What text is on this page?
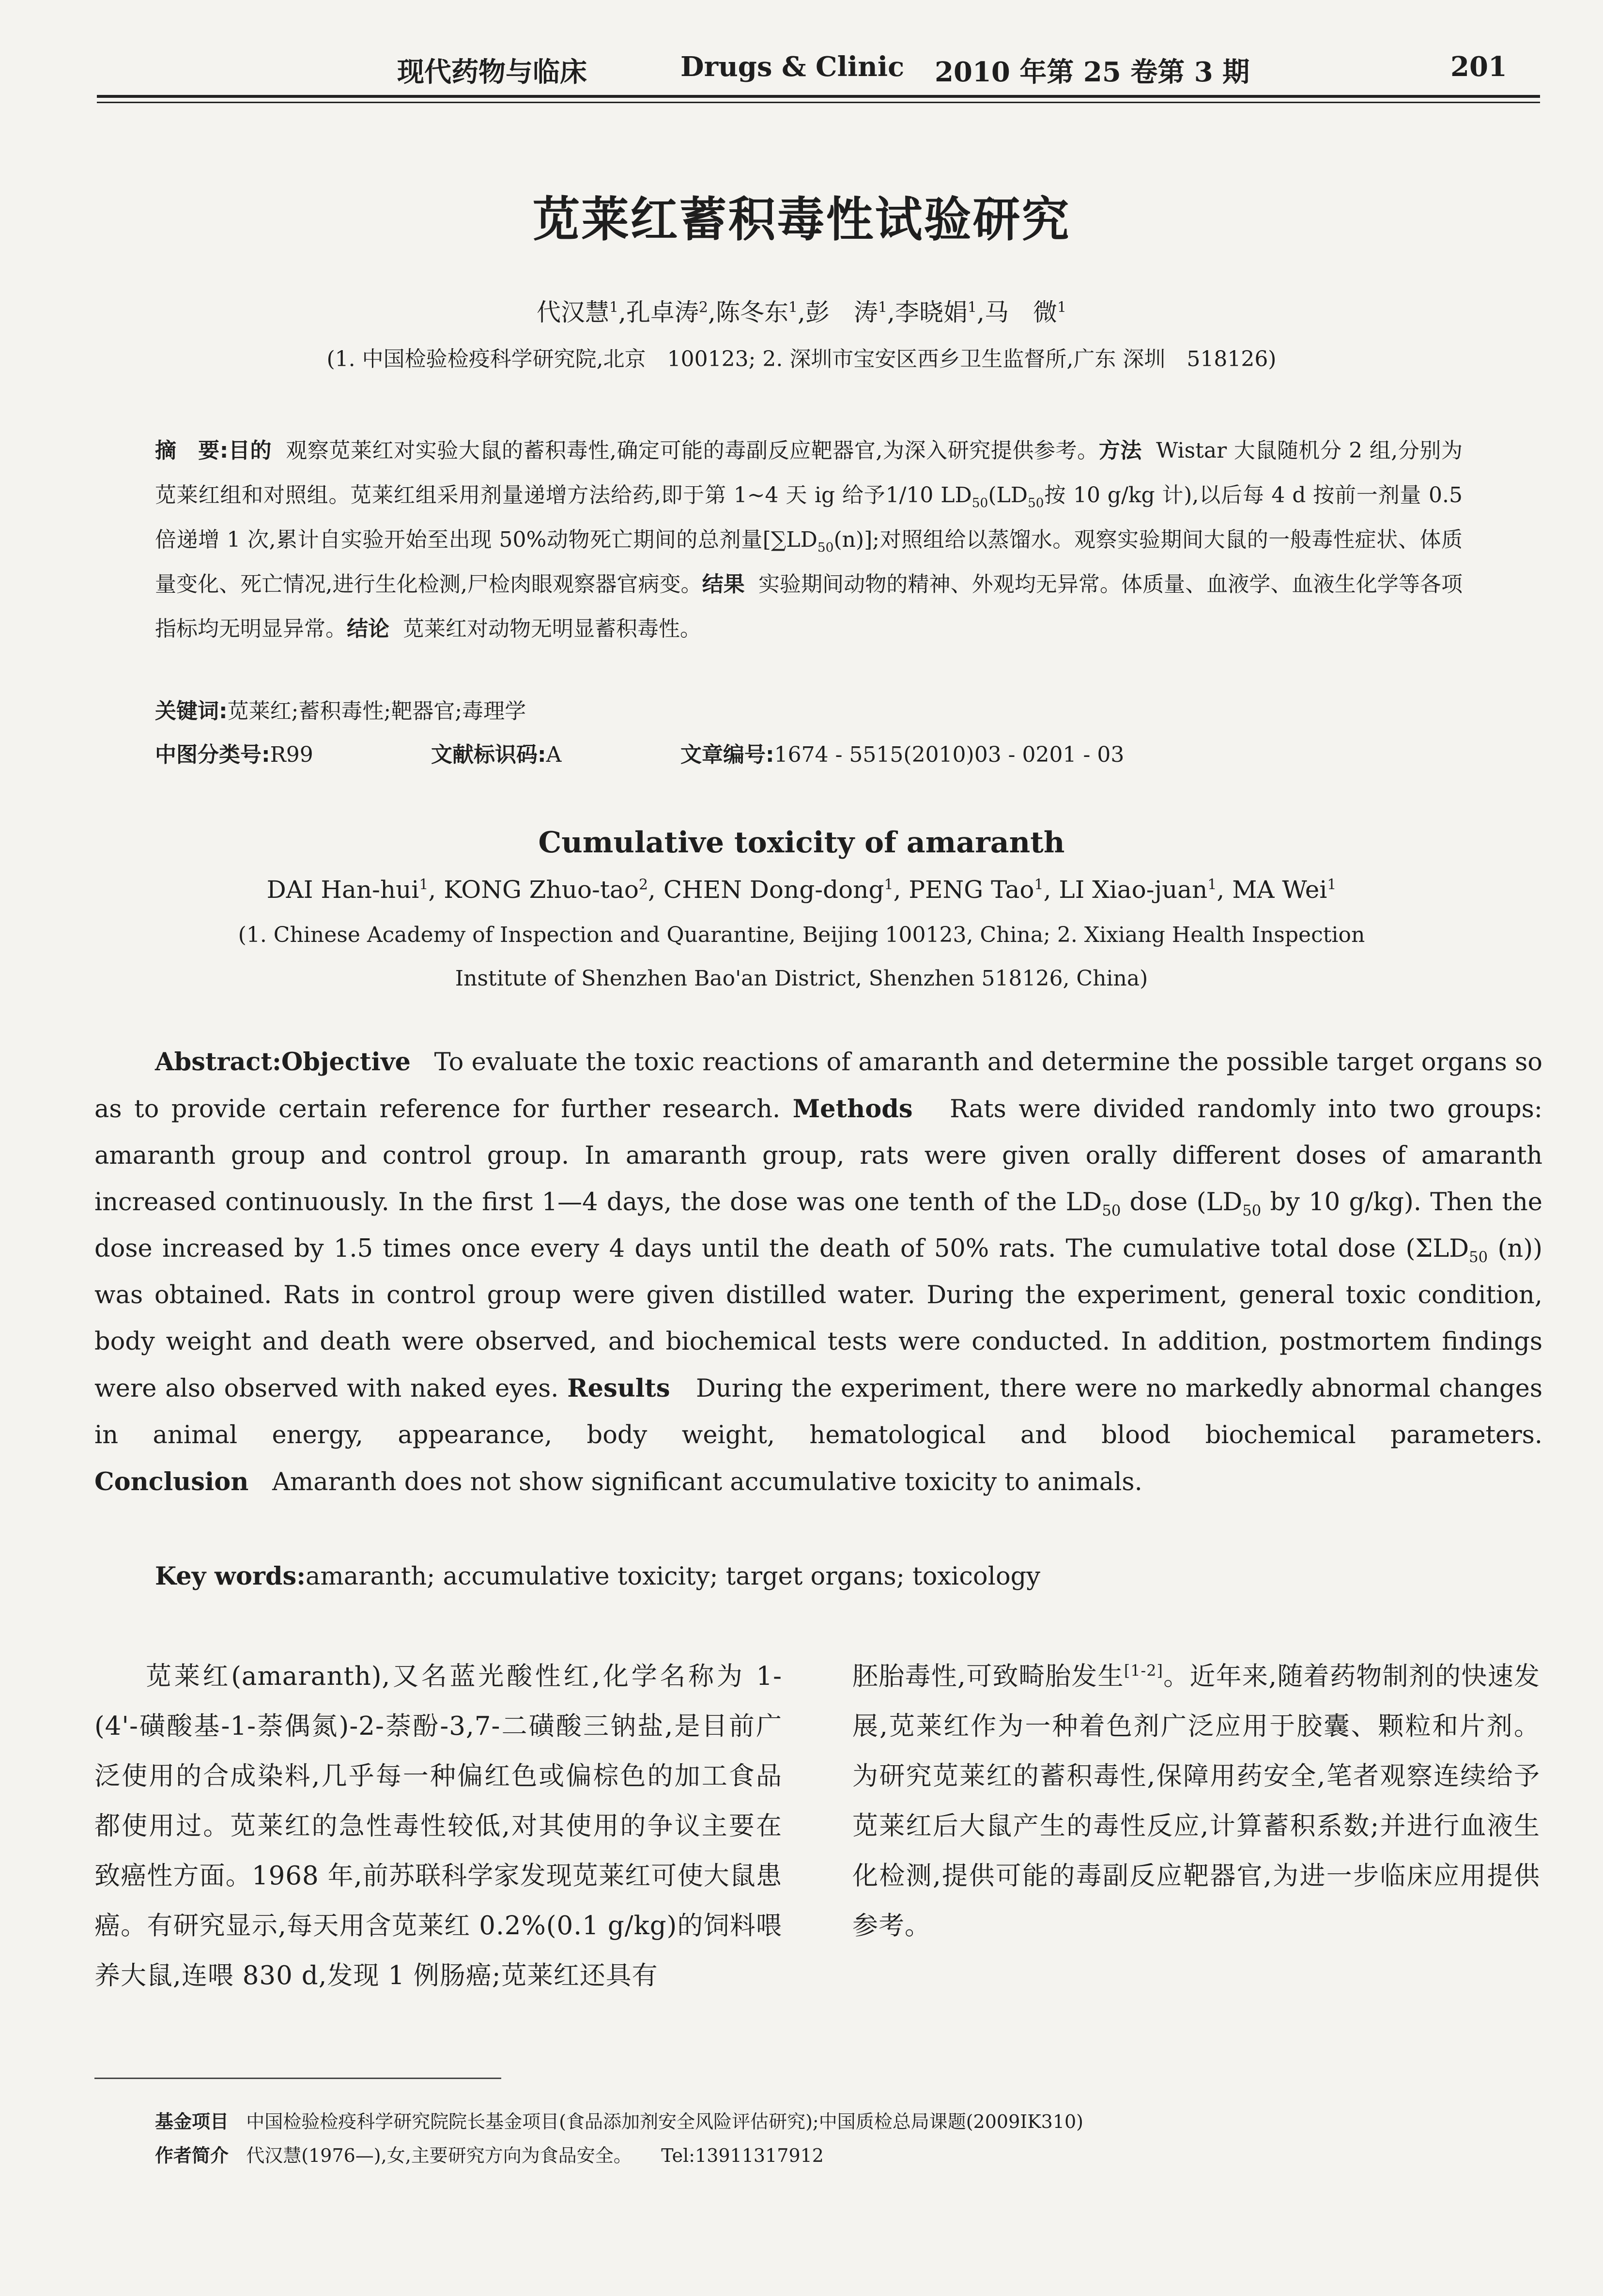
现代药物与临床	Drugs & Clinic 2010 年第 25 卷第 3 期	201
苋莱红蓄积毒性试验研究
代汉慧$^1$,孔卓涛$^2$,陈冬东$^1$,彭　涛$^1$,李晓娟$^1$,马　微$^1$
(1. 中国检验检疫科学研究院,北京　100123; 2. 深圳市宝安区西乡卫生监督所,广东 深圳　518126)
摘　要:目的 观察苋莱红对实验大鼠的蓄积毒性,确定可能的毒副反应靶器官,为深入研究提供参考。方法 Wistar 大鼠随机分 2 组,分别为苋莱红组和对照组。苋莱红组采用剂量递增方法给药,即于第 1~4 天 ig 给予1/10 $LD_{50}(LD_{50}$按 10 g/kg 计),以后每 4 d 按前一剂量 0.5 倍递增 1 次,累计自实验开始至出现 50%动物死亡期间的总剂量$[\sum LD_{50}(n)]$;对照组给以蒸馏水。观察实验期间大鼠的一般毒性症状、体质量变化、死亡情况,进行生化检测,尸检肉眼观察器官病变。结果 实验期间动物的精神、外观均无异常。体质量、血液学、血液生化学等各项指标均无明显异常。结论 苋莱红对动物无明显蓄积毒性。
关键词:苋莱红;蓄积毒性;靶器官;毒理学
中图分类号:R99	文献标识码:A	文章编号:1674 - 5515(2010)03 - 0201 - 03
Cumulative toxicity of amaranth
DAI Han-hui$^1$, KONG Zhuo-tao$^2$, CHEN Dong-dong$^1$, PENG Tao$^1$, LI Xiao-juan$^1$, MA Wei$^1$
(1. Chinese Academy of Inspection and Quarantine, Beijing 100123, China; 2. Xixiang Health Inspection
Institute of Shenzhen Bao'an District, Shenzhen 518126, China)
Abstract:Objective To evaluate the toxic reactions of amaranth and determine the possible target organs so as to provide certain reference for further research. Methods Rats were divided randomly into two groups: amaranth group and control group. In amaranth group, rats were given orally different doses of amaranth increased continuously. In the first 1—4 days, the dose was one tenth of the $LD_{50}$ dose ($LD_{50}$ by 10 g/kg). Then the dose increased by 1.5 times once every 4 days until the death of 50% rats. The cumulative total dose ($\Sigma LD_{50}$ (n)) was obtained. Rats in control group were given distilled water. During the experiment, general toxic condition, body weight and death were observed, and biochemical tests were conducted. In addition, postmortem findings were also observed with naked eyes. Results During the experiment, there were no markedly abnormal changes in animal energy, appearance, body weight, hematological and blood biochemical parameters. Conclusion Amaranth does not show significant accumulative toxicity to animals.
Key words:amaranth; accumulative toxicity; target organs; toxicology
苋莱红(amaranth),又名蓝光酸性红,化学名称为 1-(4'-磺酸基-1-萘偶氮)-2-萘酚-3,7-二磺酸三钠盐,是目前广泛使用的合成染料,几乎每一种偏红色或偏棕色的加工食品都使用过。苋莱红的急性毒性较低,对其使用的争议主要在致癌性方面。1968 年,前苏联科学家发现苋莱红可使大鼠患癌。有研究显示,每天用含苋莱红 0.2%(0.1 g/kg)的饲料喂养大鼠,连喂 830 d,发现 1 例肠癌;苋莱红还具有
胚胎毒性,可致畸胎发生[1-2]。近年来,随着药物制剂的快速发展,苋莱红作为一种着色剂广泛应用于胶囊、颗粒和片剂。为研究苋莱红的蓄积毒性,保障用药安全,笔者观察连续给予苋莱红后大鼠产生的毒性反应,计算蓄积系数;并进行血液生化检测,提供可能的毒副反应靶器官,为进一步临床应用提供参考。
基金项目 中国检验检疫科学研究院院长基金项目(食品添加剂安全风险评估研究);中国质检总局课题(2009IK310)
作者简介 代汉慧(1976—),女,主要研究方向为食品安全。 Tel:13911317912
